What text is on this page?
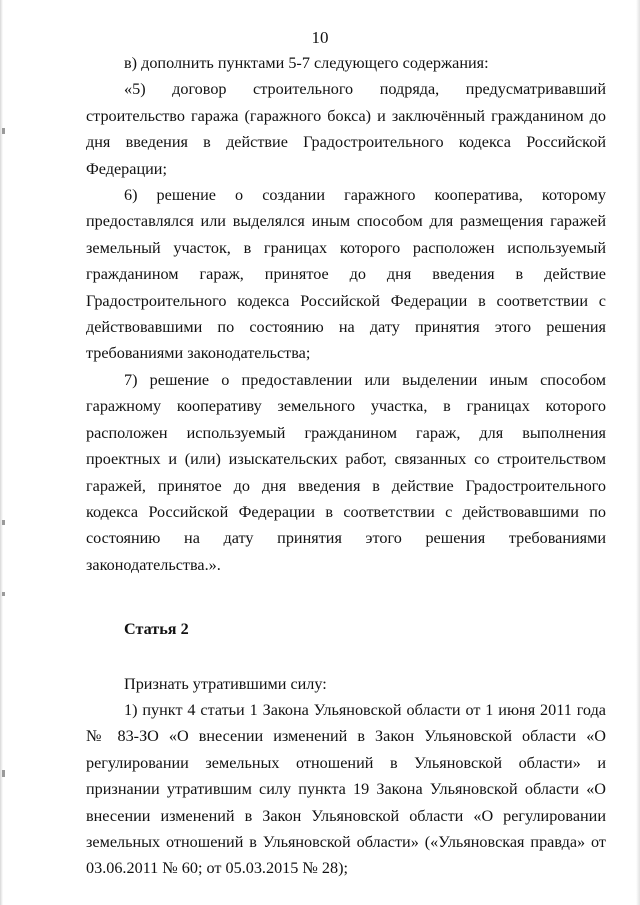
10

в) дополнить пунктами 5-7 следующего содержания:

«5) договор строительного подряда, предусматривавший строительство гаража (гаражного бокса) и заключённый гражданином до дня введения в действие Градостроительного кодекса Российской Федерации;

6) решение о создании гаражного кооператива, которому предоставлялся или выделялся иным способом для размещения гаражей земельный участок, в границах которого расположен используемый гражданином гараж, принятое до дня введения в действие Градостроительного кодекса Российской Федерации в соответствии с действовавшими по состоянию на дату принятия этого решения требованиями законодательства;

7) решение о предоставлении или выделении иным способом гаражному кооперативу земельного участка, в границах которого расположен используемый гражданином гараж, для выполнения проектных и (или) изыскательских работ, связанных со строительством гаражей, принятое до дня введения в действие Градостроительного кодекса Российской Федерации в соответствии с действовавшими по состоянию на дату принятия этого решения требованиями законодательства.».

Статья 2

Признать утратившими силу:

1) пункт 4 статьи 1 Закона Ульяновской области от 1 июня 2011 года № 83-ЗО «О внесении изменений в Закон Ульяновской области «О регулировании земельных отношений в Ульяновской области» и признании утратившим силу пункта 19 Закона Ульяновской области «О внесении изменений в Закон Ульяновской области «О регулировании земельных отношений в Ульяновской области» («Ульяновская правда» от 03.06.2011 № 60; от 05.03.2015 № 28);
